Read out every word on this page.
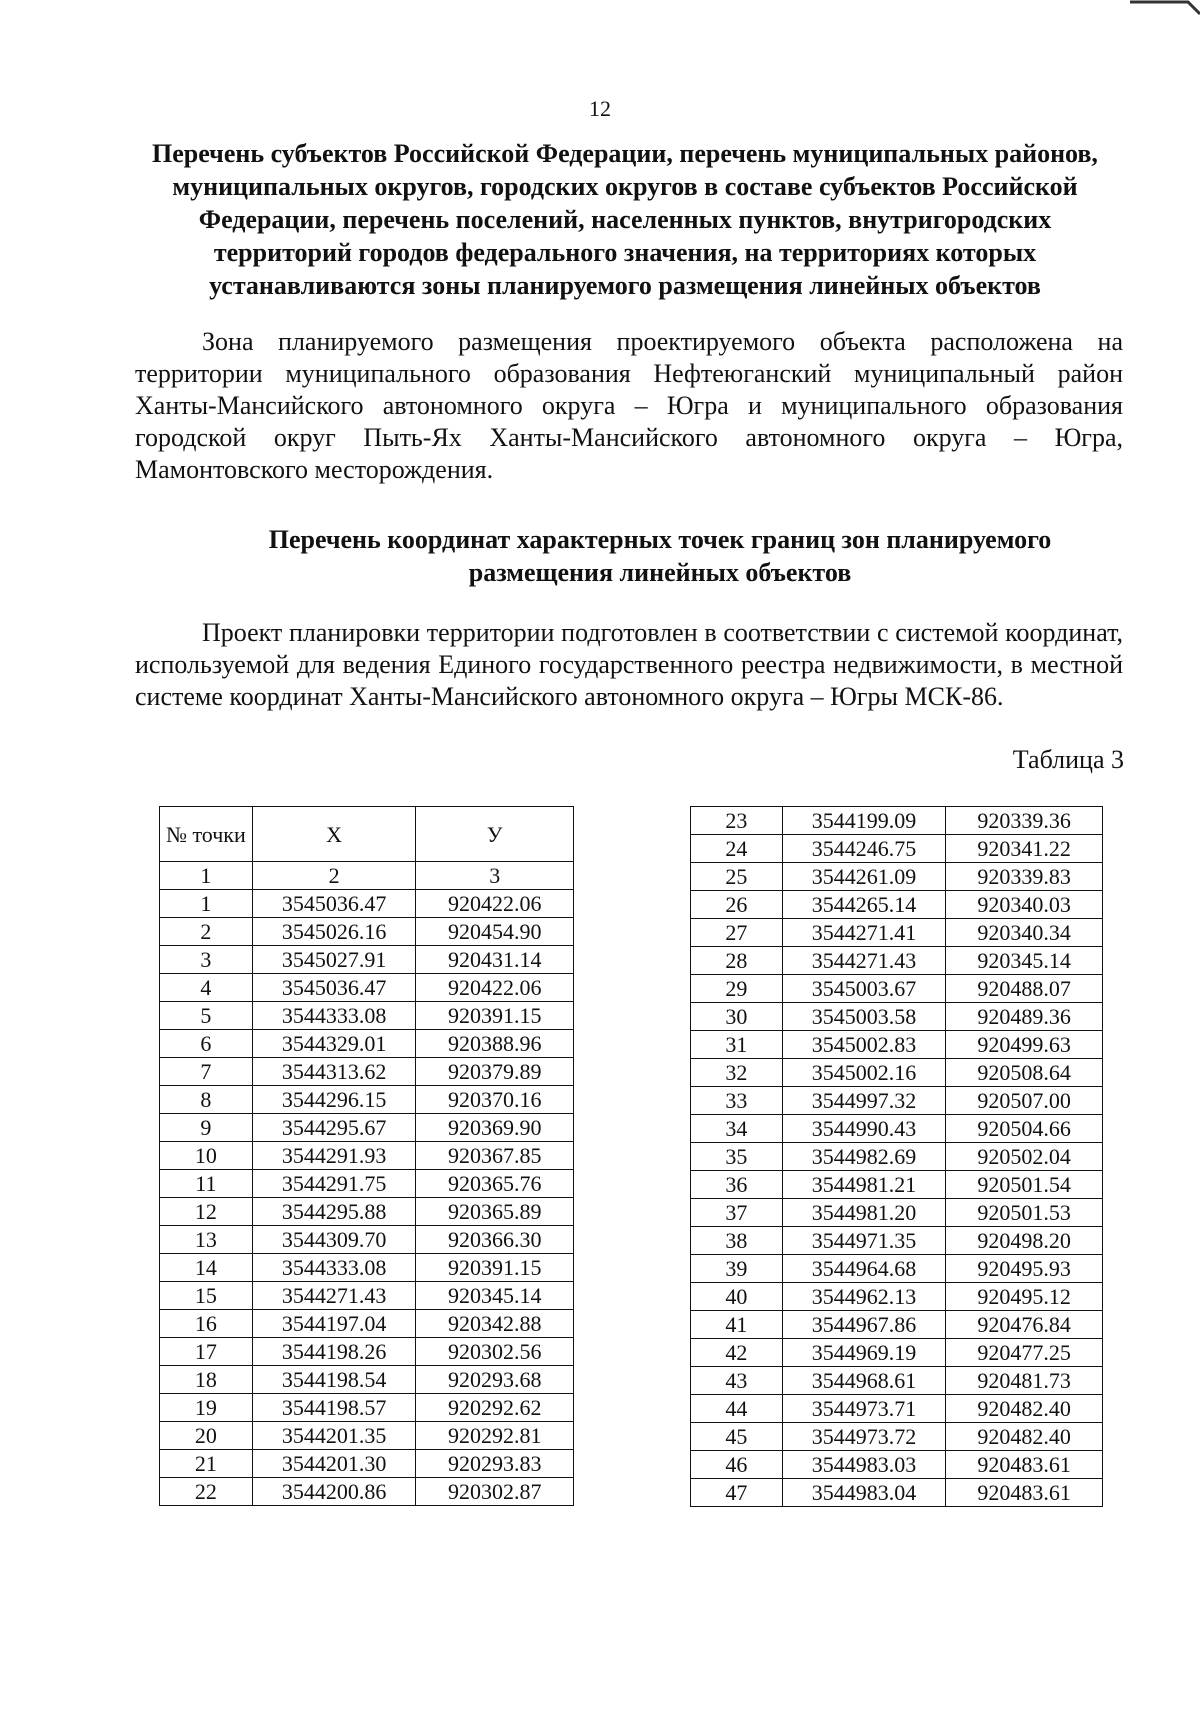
12
Перечень субъектов Российской Федерации, перечень муниципальных районов, муниципальных округов, городских округов в составе субъектов Российской Федерации, перечень поселений, населенных пунктов, внутригородских территорий городов федерального значения, на территориях которых устанавливаются зоны планируемого размещения линейных объектов

Зона планируемого размещения проектируемого объекта расположена на территории муниципального образования Нефтеюганский муниципальный район Ханты-Мансийского автономного округа – Югра и муниципального образования городской округ Пыть-Ях Ханты-Мансийского автономного округа – Югра, Мамонтовского месторождения.

Перечень координат характерных точек границ зон планируемого размещения линейных объектов

Проект планировки территории подготовлен в соответствии с системой координат, используемой для ведения Единого государственного реестра недвижимости, в местной системе координат Ханты-Мансийского автономного округа – Югры МСК-86.

Таблица 3
№ точки	X	У
1	2	3
1	3545036.47	920422.06
2	3545026.16	920454.90
3	3545027.91	920431.14
4	3545036.47	920422.06
5	3544333.08	920391.15
6	3544329.01	920388.96
7	3544313.62	920379.89
8	3544296.15	920370.16
9	3544295.67	920369.90
10	3544291.93	920367.85
11	3544291.75	920365.76
12	3544295.88	920365.89
13	3544309.70	920366.30
14	3544333.08	920391.15
15	3544271.43	920345.14
16	3544197.04	920342.88
17	3544198.26	920302.56
18	3544198.54	920293.68
19	3544198.57	920292.62
20	3544201.35	920292.81
21	3544201.30	920293.83
22	3544200.86	920302.87
23	3544199.09	920339.36
24	3544246.75	920341.22
25	3544261.09	920339.83
26	3544265.14	920340.03
27	3544271.41	920340.34
28	3544271.43	920345.14
29	3545003.67	920488.07
30	3545003.58	920489.36
31	3545002.83	920499.63
32	3545002.16	920508.64
33	3544997.32	920507.00
34	3544990.43	920504.66
35	3544982.69	920502.04
36	3544981.21	920501.54
37	3544981.20	920501.53
38	3544971.35	920498.20
39	3544964.68	920495.93
40	3544962.13	920495.12
41	3544967.86	920476.84
42	3544969.19	920477.25
43	3544968.61	920481.73
44	3544973.71	920482.40
45	3544973.72	920482.40
46	3544983.03	920483.61
47	3544983.04	920483.61
